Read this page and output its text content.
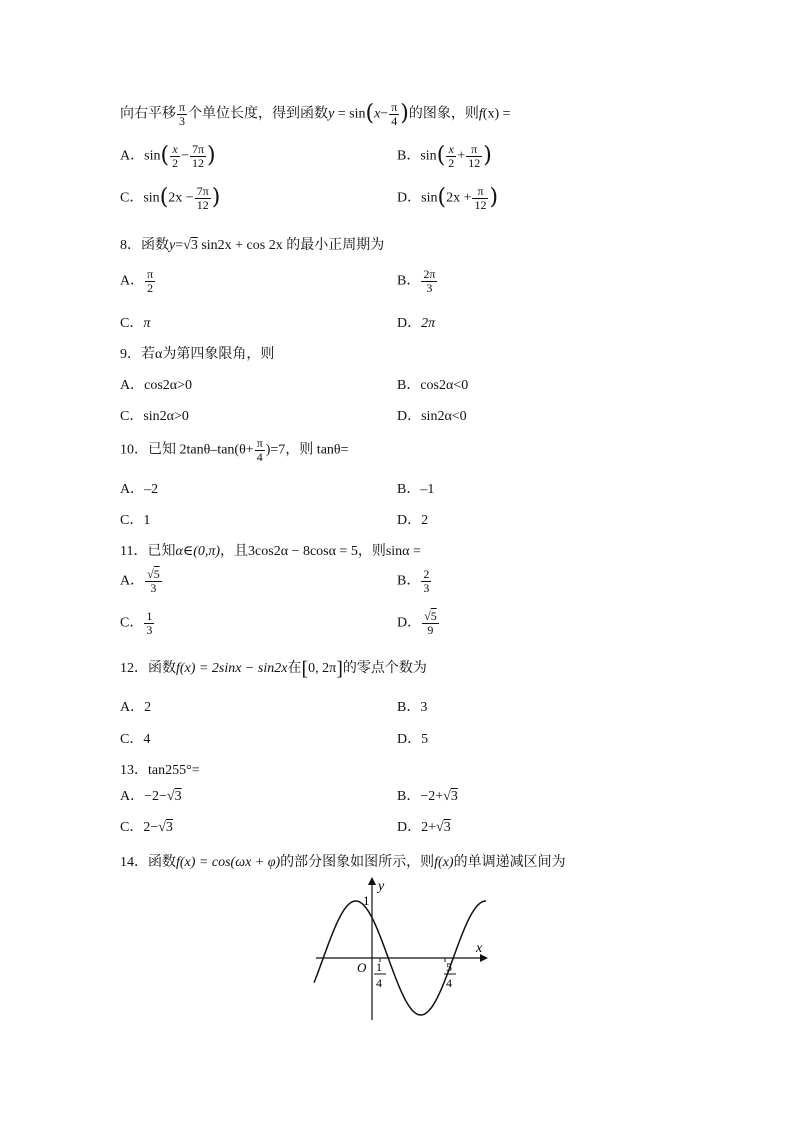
向右平移 $\frac{\pi}{3}$ 个单位长度，得到函数$y = \sin(x- \frac{\pi}{4}$ )的图象，则f(x) =
A．$\sin( \frac{x}{2} - \frac{7\pi}{12}$ )	B．$\sin( \frac{x}{2} + \frac{\pi}{12}$ )
C．$\sin(2x - \frac{7\pi}{12}$ )	D．$\sin(2x + \frac{\pi}{12}$ )
8．函数y=√3 sin2x + cos 2x 的最小正周期为
A． $\frac{\pi}{2}$	B． $\frac{2\pi}{3}$
C．π	D．2π
9．若α为第四象限角，则
A．cos2α>0	B．cos2α<0
C．sin2α>0	D．sin2α<0
10．已知 $2\tan\theta-\tan(\theta+ \frac{\pi}{4} )=7$，则 tanθ=
A．–2	B．–1
C．1	D．2
11．已知α∈(0,π)，且3cos2α − 8cosα = 5，则sinα =
A． $\frac{√5}{3}$	B． $\frac{2}{3}$
C． $\frac{1}{3}$	D． $\frac{√5}{9}$
12．函数f(x) = 2sinx − sin2x在[0, 2π]的零点个数为
A．2	B．3
C．4	D．5
13．tan255°=
A．−2−√3	B．−2+√3
C．2−√3	D．2+√3
14．函数f(x) = cos(ωx + φ)的部分图象如图所示，则f(x)的单调递减区间为
y
x
O
1
1
4
5
4
